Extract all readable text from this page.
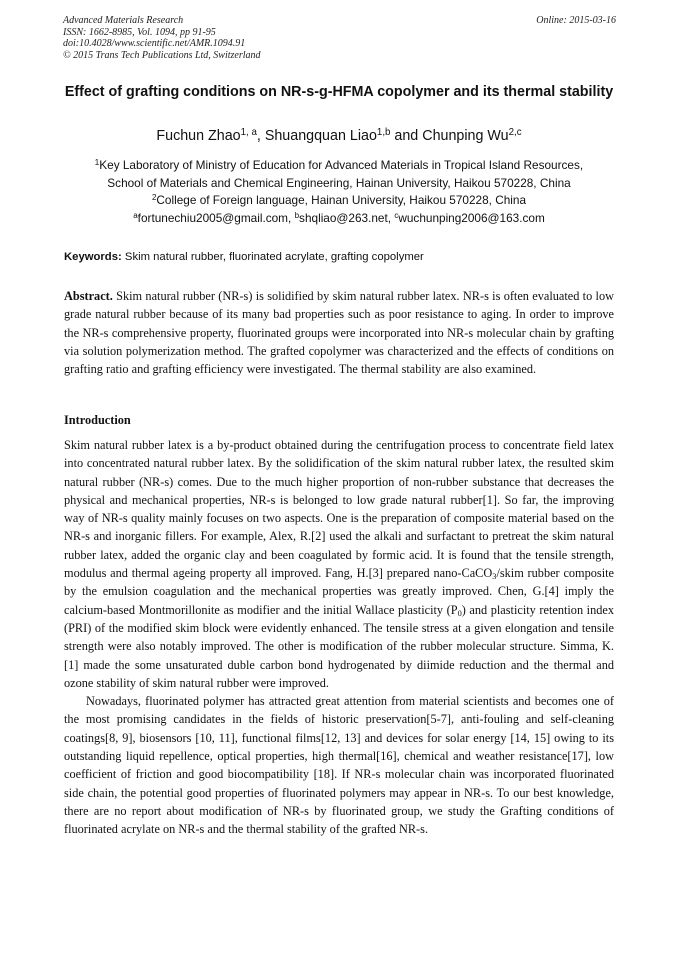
Advanced Materials Research
ISSN: 1662-8985, Vol. 1094, pp 91-95
doi:10.4028/www.scientific.net/AMR.1094.91
© 2015 Trans Tech Publications Ltd, Switzerland
Online: 2015-03-16
Effect of grafting conditions on NR-s-g-HFMA copolymer and its thermal stability
Fuchun Zhao$^{1, a}$, Shuangquan Liao$^{1,b}$ and Chunping Wu$^{2,c}$
$^1$Key Laboratory of Ministry of Education for Advanced Materials in Tropical Island Resources,
School of Materials and Chemical Engineering, Hainan University, Haikou 570228, China
$^2$College of Foreign language, Hainan University, Haikou 570228, China
$^a$fortunechiu2005@gmail.com, $^b$shqliao@263.net, $^c$wuchunping2006@163.com
Keywords: Skim natural rubber, fluorinated acrylate, grafting copolymer
Abstract. Skim natural rubber (NR-s) is solidified by skim natural rubber latex. NR-s is often evaluated to low grade natural rubber because of its many bad properties such as poor resistance to aging. In order to improve the NR-s comprehensive property, fluorinated groups were incorporated into NR-s molecular chain by grafting via solution polymerization method. The grafted copolymer was characterized and the effects of conditions on grafting ratio and grafting efficiency were investigated. The thermal stability are also examined.
Introduction

Skim natural rubber latex is a by-product obtained during the centrifugation process to concentrate field latex into concentrated natural rubber latex. By the solidification of the skim natural rubber latex, the resulted skim natural rubber (NR-s) comes. Due to the much higher proportion of non-rubber substance that decreases the physical and mechanical properties, NR-s is belonged to low grade natural rubber[1]. So far, the improving way of NR-s quality mainly focuses on two aspects. One is the preparation of composite material based on the NR-s and inorganic fillers. For example, Alex, R.[2] used the alkali and surfactant to pretreat the skim natural rubber latex, added the organic clay and been coagulated by formic acid. It is found that the tensile strength, modulus and thermal ageing property all improved. Fang, H.[3] prepared nano-CaCO$_3$/skim rubber composite by the emulsion coagulation and the mechanical properties was greatly improved. Chen, G.[4] imply the calcium-based Montmorillonite as modifier and the initial Wallace plasticity $(P_0)$ and plasticity retention index (PRI) of the modified skim block were evidently enhanced. The tensile stress at a given elongation and tensile strength were also notably improved. The other is modification of the rubber molecular structure. Simma, K. [1] made the some unsaturated duble carbon bond hydrogenated by diimide reduction and the thermal and ozone stability of skim natural rubber were improved.

Nowadays, fluorinated polymer has attracted great attention from material scientists and becomes one of the most promising candidates in the fields of historic preservation[5-7], anti-fouling and self-cleaning coatings[8, 9], biosensors [10, 11], functional films[12, 13] and devices for solar energy [14, 15] owing to its outstanding liquid repellence, optical properties, high thermal[16], chemical and weather resistance[17], low coefficient of friction and good biocompatibility [18]. If NR-s molecular chain was incorporated fluorinated side chain, the potential good properties of fluorinated polymers may appear in NR-s. To our best knowledge, there are no report about modification of NR-s by fluorinated group, we study the Grafting conditions of fluorinated acrylate on NR-s and the thermal stability of the grafted NR-s.
